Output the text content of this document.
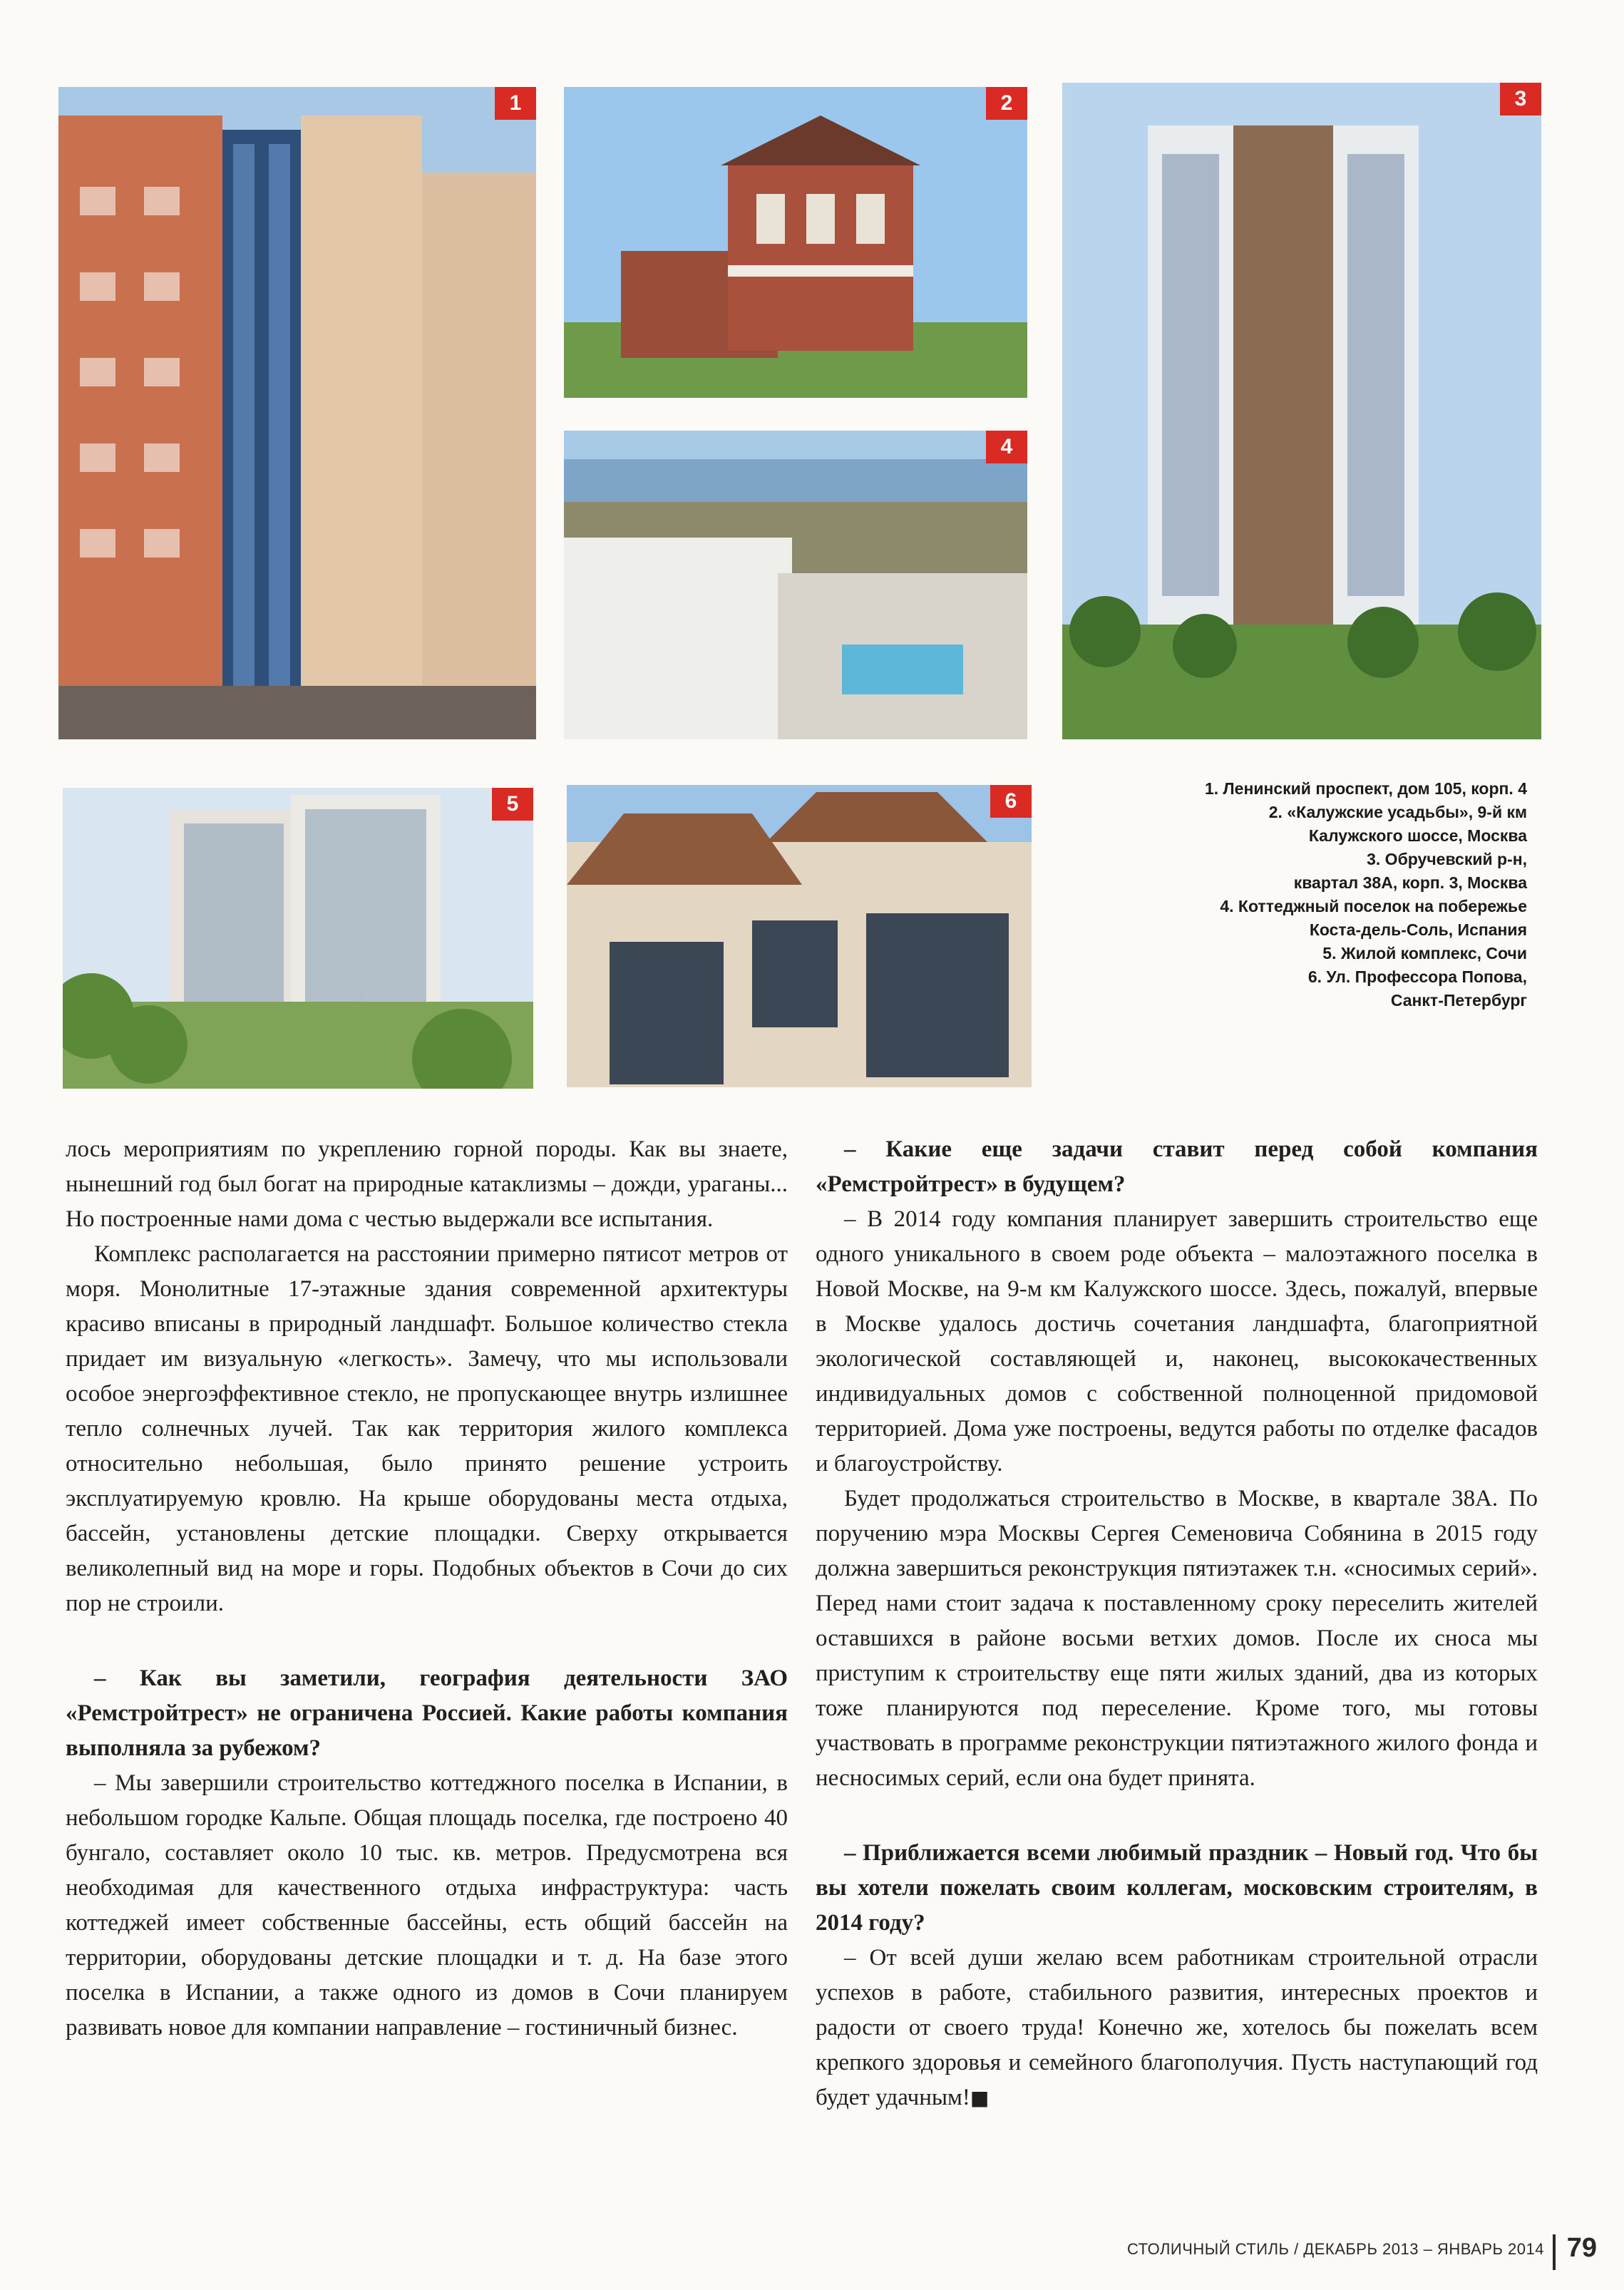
1	2	3
4
5	6

1. Ленинский проспект, дом 105, корп. 4

2. «Калужские усадьбы», 9-й км
Калужского шоссе, Москва

3. Обручевский р-н,
квартал 38А, корп. 3, Москва

4. Коттеджный поселок на побережье
Коста-дель-Соль, Испания

5. Жилой комплекс, Сочи

6. Ул. Профессора Попова,
Санкт-Петербург

лось мероприятиям по укреплению горной породы. Как вы знаете, нынешний год был богат на природные катаклизмы – дожди, ураганы... Но построенные нами дома с честью выдержали все испытания.

Комплекс располагается на расстоянии примерно пятисот метров от моря. Монолитные 17-этажные здания современной архитектуры красиво вписаны в природный ландшафт. Большое количество стекла придает им визуальную «легкость». Замечу, что мы использовали особое энергоэффективное стекло, не пропускающее внутрь излишнее тепло солнечных лучей. Так как территория жилого комплекса относительно небольшая, было принято решение устроить эксплуатируемую кровлю. На крыше оборудованы места отдыха, бассейн, установлены детские площадки. Сверху открывается великолепный вид на море и горы. Подобных объектов в Сочи до сих пор не строили.

– Как вы заметили, география деятельности ЗАО «Ремстройтрест» не ограничена Россией. Какие работы компания выполняла за рубежом?

– Мы завершили строительство коттеджного поселка в Испании, в небольшом городке Кальпе. Общая площадь поселка, где построено 40 бунгало, составляет около 10 тыс. кв. метров. Предусмотрена вся необходимая для качественного отдыха инфраструктура: часть коттеджей имеет собственные бассейны, есть общий бассейн на территории, оборудованы детские площадки и т. д. На базе этого поселка в Испании, а также одного из домов в Сочи планируем развивать новое для компании направление – гостиничный бизнес.

– Какие еще задачи ставит перед собой компания «Ремстройтрест» в будущем?

– В 2014 году компания планирует завершить строительство еще одного уникального в своем роде объекта – малоэтажного поселка в Новой Москве, на 9-м км Калужского шоссе. Здесь, пожалуй, впервые в Москве удалось достичь сочетания ландшафта, благоприятной экологической составляющей и, наконец, высококачественных индивидуальных домов с собственной полноценной придомовой территорией. Дома уже построены, ведутся работы по отделке фасадов и благоустройству.

Будет продолжаться строительство в Москве, в квартале 38А. По поручению мэра Москвы Сергея Семеновича Собянина в 2015 году должна завершиться реконструкция пятиэтажек т.н. «сносимых серий». Перед нами стоит задача к поставленному сроку переселить жителей оставшихся в районе восьми ветхих домов. После их сноса мы приступим к строительству еще пяти жилых зданий, два из которых тоже планируются под переселение. Кроме того, мы готовы участвовать в программе реконструкции пятиэтажного жилого фонда и несносимых серий, если она будет принята.

– Приближается всеми любимый праздник – Новый год. Что бы вы хотели пожелать своим коллегам, московским строителям, в 2014 году?

– От всей души желаю всем работникам строительной отрасли успехов в работе, стабильного развития, интересных проектов и радости от своего труда! Конечно же, хотелось бы пожелать всем крепкого здоровья и семейного благополучия. Пусть наступающий год будет удачным!■

СТОЛИЧНЫЙ СТИЛЬ / ДЕКАБРЬ 2013 – ЯНВАРЬ 2014 79
